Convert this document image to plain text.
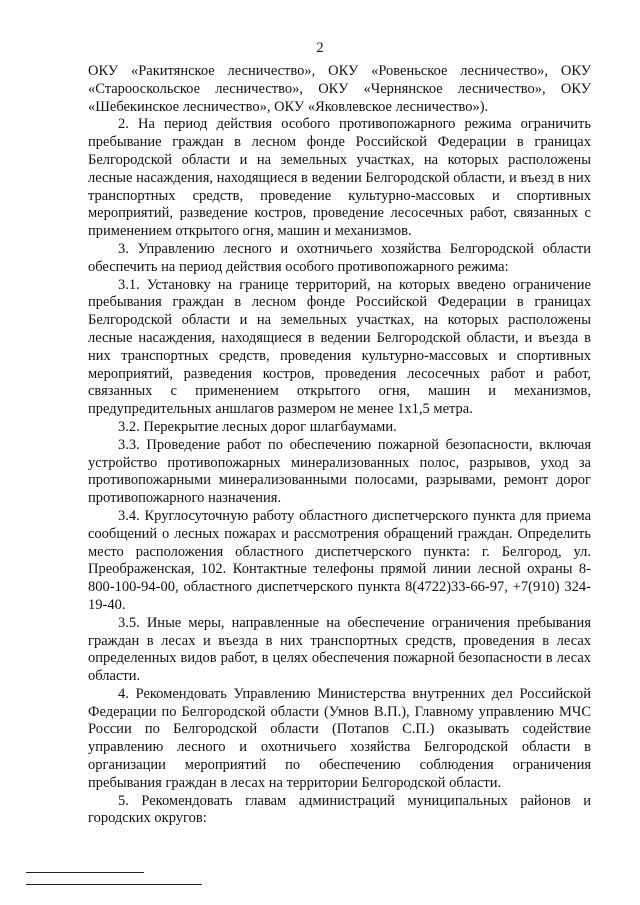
2

ОКУ «Ракитянское лесничество», ОКУ «Ровеньское лесничество», ОКУ «Старооскольское лесничество», ОКУ «Чернянское лесничество», ОКУ «Шебекинское лесничество», ОКУ «Яковлевское лесничество»).

2. На период действия особого противопожарного режима ограничить пребывание граждан в лесном фонде Российской Федерации в границах Белгородской области и на земельных участках, на которых расположены лесные насаждения, находящиеся в ведении Белгородской области, и въезд в них транспортных средств, проведение культурно-массовых и спортивных мероприятий, разведение костров, проведение лесосечных работ, связанных с применением открытого огня, машин и механизмов.

3. Управлению лесного и охотничьего хозяйства Белгородской области обеспечить на период действия особого противопожарного режима:

3.1. Установку на границе территорий, на которых введено ограничение пребывания граждан в лесном фонде Российской Федерации в границах Белгородской области и на земельных участках, на которых расположены лесные насаждения, находящиеся в ведении Белгородской области, и въезда в них транспортных средств, проведения культурно-массовых и спортивных мероприятий, разведения костров, проведения лесосечных работ и работ, связанных с применением открытого огня, машин и механизмов, предупредительных аншлагов размером не менее 1х1,5 метра.

3.2. Перекрытие лесных дорог шлагбаумами.

3.3. Проведение работ по обеспечению пожарной безопасности, включая устройство противопожарных минерализованных полос, разрывов, уход за противопожарными минерализованными полосами, разрывами, ремонт дорог противопожарного назначения.

3.4. Круглосуточную работу областного диспетчерского пункта для приема сообщений о лесных пожарах и рассмотрения обращений граждан. Определить место расположения областного диспетчерского пункта: г. Белгород, ул. Преображенская, 102. Контактные телефоны прямой линии лесной охраны 8-800-100-94-00, областного диспетчерского пункта 8(4722)33-66-97, +7(910) 324-19-40.

3.5. Иные меры, направленные на обеспечение ограничения пребывания граждан в лесах и въезда в них транспортных средств, проведения в лесах определенных видов работ, в целях обеспечения пожарной безопасности в лесах области.

4. Рекомендовать Управлению Министерства внутренних дел Российской Федерации по Белгородской области (Умнов В.П.), Главному управлению МЧС России по Белгородской области (Потапов С.П.) оказывать содействие управлению лесного и охотничьего хозяйства Белгородской области в организации мероприятий по обеспечению соблюдения ограничения пребывания граждан в лесах на территории Белгородской области.

5. Рекомендовать главам администраций муниципальных районов и городских округов:
